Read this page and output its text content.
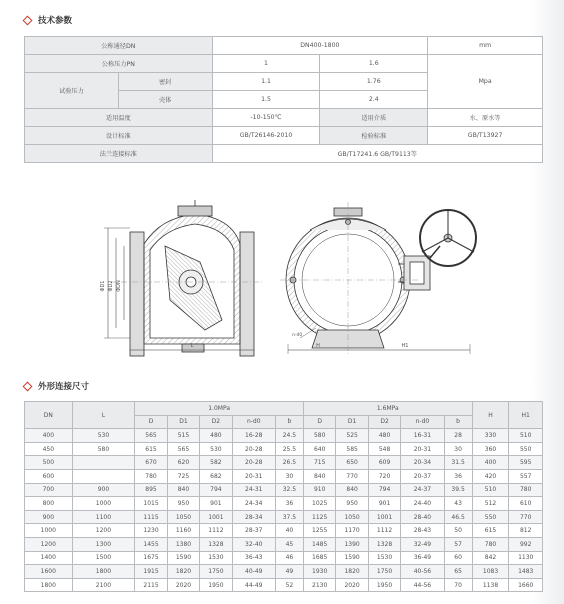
技术参数
公称通径DN		DN400-1800		mm
公称压力PN		1	1.6	Mpa
试验压力	密封	1.1	1.76	
	壳体	1.5	2.4	
适用温度		-10-150℃	适用介质	水、原水等
设计标准		GB/T26146-2010	检验标准	GB/T13927
法兰连接标准		GB/T17241.6 GB/T9113等		
ΦD1 ΦD2 ΦDN
L
n-d0
H	H1
外形连接尺寸
DN	L	1.0MPa					1.6MPa					H	H1
		D	D1	D2	n-d0	b	D	D1	D2	n-d0	b		
400	530	565	515	480	16-28	24.5	580	525	480	16-31	28	330	510
450	580	615	565	530	20-28	25.5	640	585	548	20-31	30	360	550
500		670	620	582	20-28	26.5	715	650	609	20-34	31.5	400	595
600		780	725	682	20-31	30	840	770	720	20-37	36	420	557
700	900	895	840	794	24-31	32.5	910	840	794	24-37	39.5	510	780
800	1000	1015	950	901	24-34	36	1025	950	901	24-40	43	512	610
900	1100	1115	1050	1001	28-34	37.5	1125	1050	1001	28-40	46.5	550	770
1000	1200	1230	1160	1112	28-37	40	1255	1170	1112	28-43	50	615	812
1200	1300	1455	1380	1328	32-40	45	1485	1390	1328	32-49	57	780	992
1400	1500	1675	1590	1530	36-43	46	1685	1590	1530	36-49	60	842	1130
1600	1800	1915	1820	1750	40-49	49	1930	1820	1750	40-56	65	1083	1483
1800	2100	2115	2020	1950	44-49	52	2130	2020	1950	44-56	70	1138	1660
